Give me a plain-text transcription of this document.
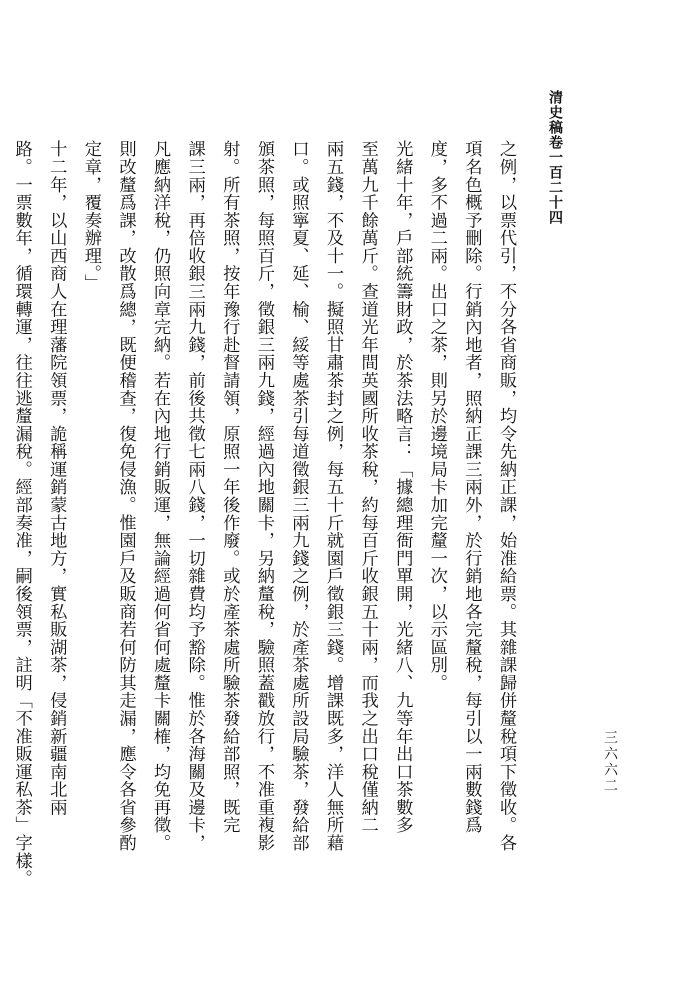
清史稿卷一百二十四
三六六二
之例，以票代引，不分各省商販，均令先納正課，始准給票。其雜課歸併釐稅項下徵收。各
項名色概予刪除。行銷內地者，照納正課三兩外，於行銷地各完釐稅，每引以一兩數錢爲
度，多不過二兩。出口之茶，則另於邊境局卡加完釐一次，以示區別。
光緒十年，戶部統籌財政，於茶法略言：「據總理衙門單開，光緒八、九等年出口茶數多
至萬九千餘萬斤。查道光年間英國所收茶稅，約每百斤收銀五十兩，而我之出口稅僅納二
兩五錢，不及十一。擬照甘肅茶封之例，每五十斤就園戶徵銀三錢。增課既多，洋人無所藉
口。或照寧夏、延、榆、綏等處茶引每道徵銀三兩九錢之例，於產茶處所設局驗茶，發給部
頒茶照，每照百斤，徵銀三兩九錢，經過內地關卡，另納釐稅，驗照蓋戳放行，不准重複影
射。所有茶照，按年豫行赴督請領，原照一年後作廢。或於產茶處所驗茶發給部照，既完
課三兩，再倍收銀三兩九錢，前後共徵七兩八錢，一切雜費均予豁除。惟於各海關及邊卡，
凡應納洋稅，仍照向章完納。若在內地行銷販運，無論經過何省何處釐卡關榷，均免再徵。
則改釐爲課，改散爲總，既便稽查，復免侵漁。惟園戶及販商若何防其走漏，應令各省參酌
定章，覆奏辦理。」
十二年，以山西商人在理藩院領票，詭稱運銷蒙古地方，實私販湖茶，侵銷新疆南北兩
路。一票數年，循環轉運，往往逃釐漏稅。經部奏准，嗣後領票，註明「不准販運私茶」字樣。
